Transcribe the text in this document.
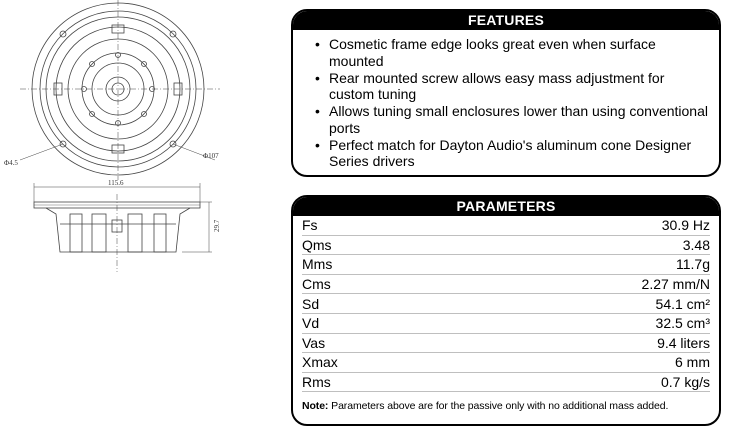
Φ4.5
Φ107
115.6
29.7
FEATURES
• Cosmetic frame edge looks great even when surface mounted
• Rear mounted screw allows easy mass adjustment for custom tuning
• Allows tuning small enclosures lower than using conventional ports
• Perfect match for Dayton Audio's aluminum cone Designer Series drivers
PARAMETERS
Fs	30.9 Hz
Qms	3.48
Mms	11.7g
Cms	2.27 mm/N
Sd	54.1 cm²
Vd	32.5 cm³
Vas	9.4 liters
Xmax	6 mm
Rms	0.7 kg/s
Note: Parameters above are for the passive only with no additional mass added.
